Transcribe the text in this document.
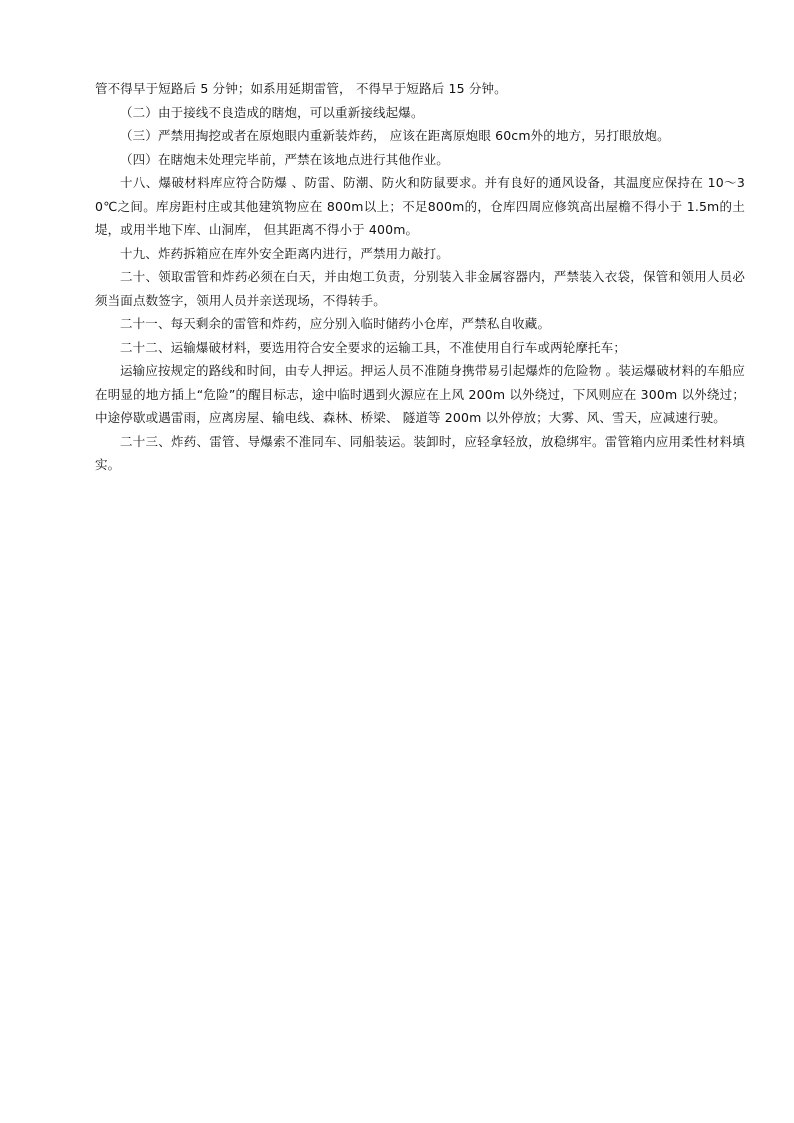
管不得早于短路后 5 分钟；如系用延期雷管， 不得早于短路后 15 分钟。

（二）由于接线不良造成的瞎炮，可以重新接线起爆。

（三）严禁用掏挖或者在原炮眼内重新装炸药， 应该在距离原炮眼 60cm外的地方，另打眼放炮。

（四）在瞎炮未处理完毕前，严禁在该地点进行其他作业。

十八、爆破材料库应符合防爆 、防雷、防潮、防火和防鼠要求。并有良好的通风设备，其温度应保持在 10～30℃之间。库房距村庄或其他建筑物应在 800m以上；不足800m的，仓库四周应修筑高出屋檐不得小于 1.5m的土堤，或用半地下库、山洞库， 但其距离不得小于 400m。

十九、炸药拆箱应在库外安全距离内进行，严禁用力敲打。

二十、领取雷管和炸药必须在白天，并由炮工负责，分别装入非金属容器内，严禁装入衣袋，保管和领用人员必须当面点数签字，领用人员并亲送现场，不得转手。

二十一、每天剩余的雷管和炸药，应分别入临时储药小仓库，严禁私自收藏。

二十二、运输爆破材料，要选用符合安全要求的运输工具，不准使用自行车或两轮摩托车；

运输应按规定的路线和时间，由专人押运。押运人员不准随身携带易引起爆炸的危险物 。装运爆破材料的车船应在明显的地方插上“危险”的醒目标志，途中临时遇到火源应在上风 200m 以外绕过，下风则应在 300m 以外绕过；中途停歇或遇雷雨，应离房屋、输电线、森林、桥梁、 隧道等 200m 以外停放；大雾、风、雪天，应减速行驶。

二十三、炸药、雷管、导爆索不准同车、同船装运。装卸时，应轻拿轻放，放稳绑牢。雷管箱内应用柔性材料填实。
